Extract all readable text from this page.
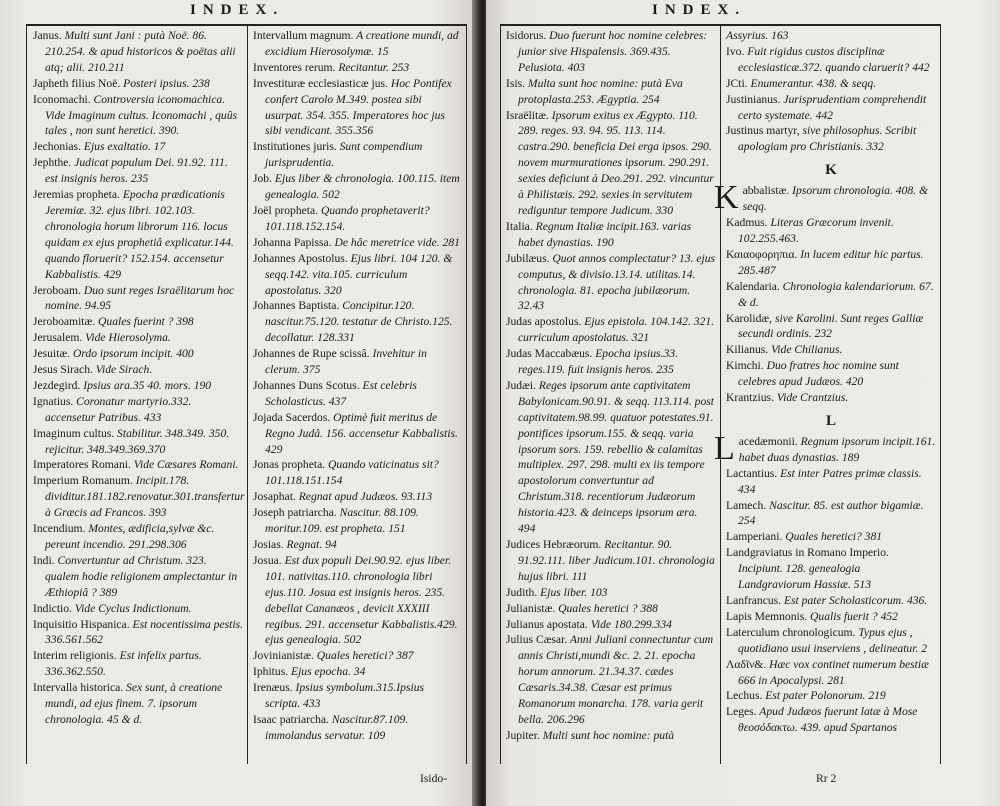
INDEX.

Janus. Multi sunt Jani : putà Noë. 86. 210.254. & apud historicos & poëtas alii atq; alii. 210.211

Japheth filius Noë. Posteri ipsius. 238

Iconomachi. Controversia iconomachica. Vide Imaginum cultus. Iconomachi , quûs tales , non sunt heretici. 390.

Jechonias. Ejus exaltatio. 17

Jephthe. Judicat populum Dei. 91.92. 111. est insignis heros. 235

Jeremias propheta. Epocha prædicationis Jeremiæ. 32. ejus libri. 102.103. chronologia horum librorum 116. locus quidam ex ejus prophetiâ explicatur.144. quando floruerit? 152.154. accensetur Kabbalistis. 429

Jeroboam. Duo sunt reges Israëlitarum hoc nomine. 94.95

Jeroboamitæ. Quales fuerint ? 398

Jerusalem. Vide Hierosolyma.

Jesuitæ. Ordo ipsorum incipit. 400

Jesus Sirach. Vide Sirach.

Jezdegird. Ipsius ara.35 40. mors. 190

Ignatius. Coronatur martyrio.332. accensetur Patribus. 433

Imaginum cultus. Stabilitur. 348.349. 350. rejicitur. 348.349.369.370

Imperatores Romani. Vide Cæsares Romani.

Imperium Romanum. Incipit.178. dividitur.181.182.renovatur.301.transfertur à Græcis ad Francos. 393

Incendium. Montes, ædificia,sylvæ &c. pereunt incendio. 291.298.306

Indi. Convertuntur ad Christum. 323. qualem hodie religionem amplectantur in Æthiopiâ ? 389

Indictio. Vide Cyclus Indictionum.

Inquisitio Hispanica. Est nocentissima pestis. 336.561.562

Interim religionis. Est infelix partus. 336.362.550.

Intervalla historica. Sex sunt, à creatione mundi, ad ejus finem. 7. ipsorum chronologia. 45 & d.

Intervallum magnum. A creatione mundi, ad excidium Hierosolymæ. 15

Inventores rerum. Recitantur. 253

Investituræ ecclesiasticæ jus. Hoc Pontifex confert Carolo M.349. postea sibi usurpat. 354. 355. Imperatores hoc jus sibi vendicant. 355.356

Institutiones juris. Sunt compendium jurisprudentia.

Job. Ejus liber & chronologia. 100.115. item genealogia. 502

Joël propheta. Quando prophetaverit? 101.118.152.154.

Johanna Papissa. De hâc meretrice vide. 281

Johannes Apostolus. Ejus libri. 104 120. & seqq.142. vita.105. curriculum apostolatus. 320

Johannes Baptista. Concipitur.120. nascitur.75.120. testatur de Christo.125. decollatur. 128.331

Johannes de Rupe scissâ. Invehitur in clerum. 375

Johannes Duns Scotus. Est celebris Scholasticus. 437

Jojada Sacerdos. Optimè fuit meritus de Regno Judâ. 156. accensetur Kabbalistis. 429

Jonas propheta. Quando vaticinatus sit? 101.118.151.154

Josaphat. Regnat apud Judæos. 93.113

Joseph patriarcha. Nascitur. 88.109. moritur.109. est propheta. 151

Josias. Regnat. 94

Josua. Est dux populi Dei.90.92. ejus liber. 101. nativitas.110. chronologia libri ejus.110. Josua est insignis heros. 235. debellat Cananæos , devicit XXXIII regibus. 291. accensetur Kabbalistis.429. ejus genealogia. 502

Jovinianistæ. Quales heretici? 387

Iphitus. Ejus epocha. 34

Irenæus. Ipsius symbolum.315.Ipsius scripta. 433

Isaac patriarcha. Nascitur.87.109. immolandus servatur. 109

Isido-
INDEX.

Isidorus. Duo fuerunt hoc nomine celebres: junior sive Hispalensis. 369.435. Pelusiota. 403

Isis. Multa sunt hoc nomine: putà Eva protoplasta.253. Ægyptia. 254

Israëlitæ. Ipsorum exitus ex Ægypto. 110. 289. reges. 93. 94. 95. 113. 114. castra.290. beneficia Dei erga ipsos. 290. novem murmurationes ipsorum. 290.291. sexies deficiunt à Deo.291. 292. vincuntur à Philistæis. 292. sexies in servitutem rediguntur tempore Judicum. 330

Italia. Regnum Italiæ incipit.163. varias habet dynastias. 190

Jubilæus. Quot annos complectatur? 13. ejus computus, & divisio.13.14. utilitas.14. chronologia. 81. epocha jubilæorum. 32.43

Judas apostolus. Ejus epistola. 104.142. 321. curriculum apostolatus. 321

Judas Maccabæus. Epocha ipsius.33. reges.119. fuit insignis heros. 235

Judæi. Reges ipsorum ante captivitatem Babylonicam.90.91. & seqq. 113.114. post captivitatem.98.99. quatuor potestates.91. pontifices ipsorum.155. & seqq. varia ipsorum sors. 159. rebellio & calamitas multiplex. 297. 298. multi ex iis tempore apostolorum convertuntur ad Christum.318. recentiorum Judæorum historia.423. & deinceps ipsorum æra. 494

Judices Hebræorum. Recitantur. 90. 91.92.111. liber Judicum.101. chronologia hujus libri. 111

Judith. Ejus liber. 103

Julianistæ. Quales heretici ? 388

Julianus apostata. Vide 180.299.334

Julius Cæsar. Anni Juliani connectuntur cum annis Christi,mundi &c. 2. 21. epocha horum annorum. 21.34.37. cædes Cæsaris.34.38. Cæsar est primus Romanorum monarcha. 178. varia gerit bella. 206.296

Jupiter. Multi sunt hoc nomine: putà

Assyrius. 163

Ivo. Fuit rigidus custos disciplinæ ecclesiasticæ.372. quando claruerit? 442

JCti. Enumerantur. 438. & seqq.

Justinianus. Jurisprudentiam comprehendit certo systemate. 442

Justinus martyr, sive philosophus. Scribit apologiam pro Christianis. 332

K

Kabbalistæ. Ipsorum chronologia. 408. & seqq.

Kadmus. Literas Græcorum invenit. 102.255.463.

Καιαοφορηπια. In lucem editur hic partus. 285.487

Kalendaria. Chronologia kalendariorum. 67. & d.

Karolidæ, sive Karolini. Sunt reges Galliæ secundi ordinis. 232

Kilianus. Vide Chilianus.

Kimchi. Duo fratres hoc nomine sunt celebres apud Judæos. 420

Krantzius. Vide Crantzius.

L

Lacedæmonii. Regnum ipsorum incipit.161. habet duas dynastias. 189

Lactantius. Est inter Patres primæ classis. 434

Lamech. Nascitur. 85. est author bigamiæ. 254

Lamperiani. Quales heretici? 381

Landgraviatus in Romano Imperio. Incipiunt. 128. genealogia Landgraviorum Hassiæ. 513

Lanfrancus. Est pater Scholasticorum. 436.

Lapis Memnonis. Qualis fuerit ? 452

Laterculum chronologicum. Typus ejus , quotidiano usui inserviens , delineatur. 2

Λαδῖν&. Hæc vox continet numerum bestiæ 666 in Apocalypsi. 281

Lechus. Est pater Polonorum. 219

Leges. Apud Judæos fuerunt latæ à Mose θεοσόδακτω. 439. apud Spartanos

Rr 2
